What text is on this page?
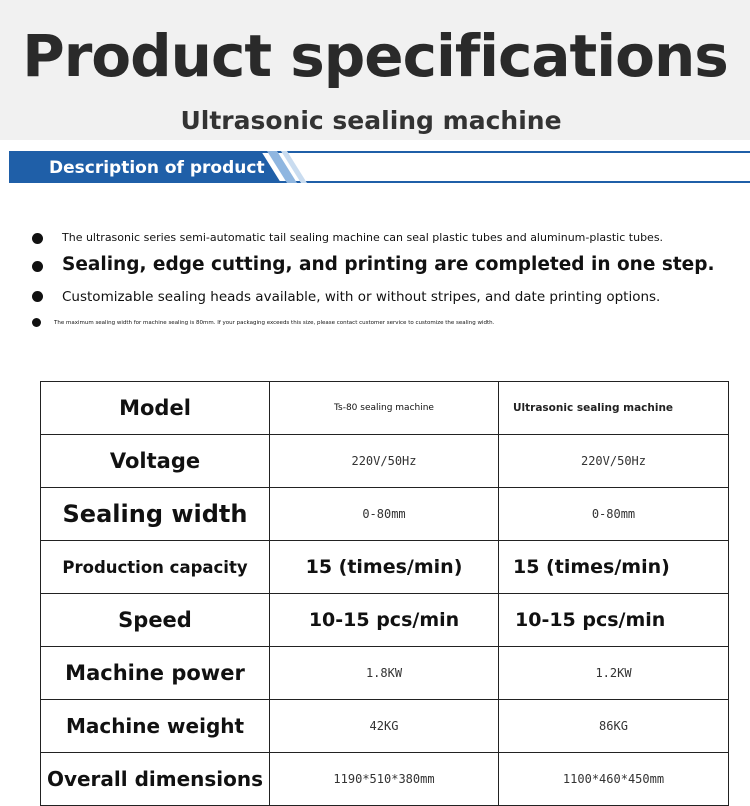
Product specifications
Ultrasonic sealing machine
Description of product
The ultrasonic series semi-automatic tail sealing machine can seal plastic tubes and aluminum-plastic tubes.
Sealing, edge cutting, and printing are completed in one step.
Customizable sealing heads available, with or without stripes, and date printing options.
The maximum sealing width for machine sealing is 80mm. If your packaging exceeds this size, please contact customer service to customize the sealing width.
Model	Ts-80 sealing machine	Ultrasonic sealing machine
Voltage	220V/50Hz	220V/50Hz
Sealing width	0-80mm	0-80mm
Production capacity	15 (times/min)	15 (times/min)
Speed	10-15 pcs/min	10-15 pcs/min
Machine power	1.8KW	1.2KW
Machine weight	42KG	86KG
Overall dimensions	1190*510*380mm	1100*460*450mm
